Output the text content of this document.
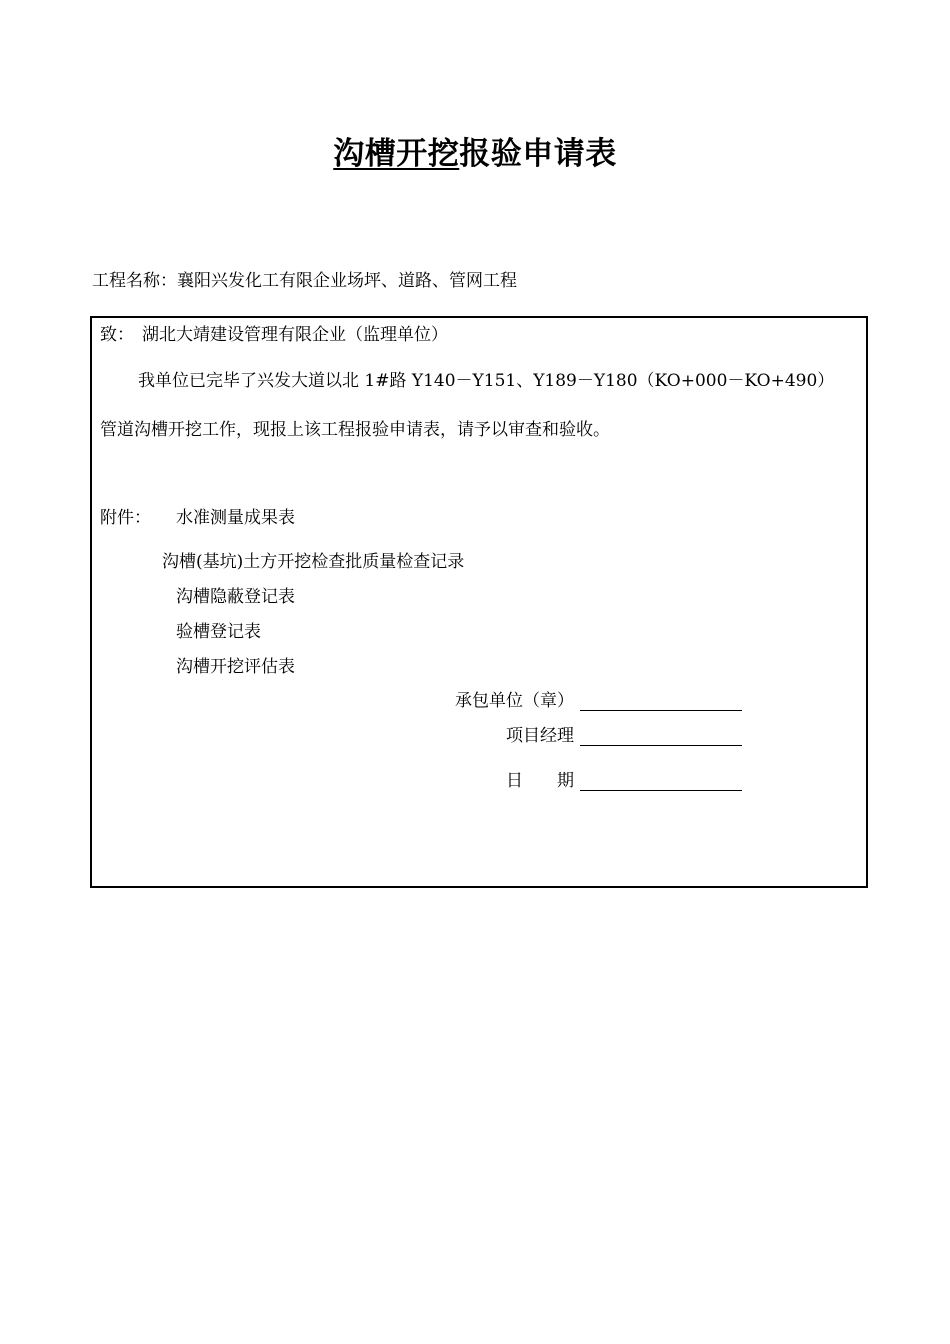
沟槽开挖报验申请表
工程名称：襄阳兴发化工有限企业场坪、道路、管网工程
致： 湖北大靖建设管理有限企业（监理单位）
我单位已完毕了兴发大道以北 1#路 Y140－Y151、Y189－Y180（KO+000－KO+490）
管道沟槽开挖工作，现报上该工程报验申请表，请予以审查和验收。
附件： 水准测量成果表
沟槽(基坑)土方开挖检查批质量检查记录
沟槽隐蔽登记表
验槽登记表
沟槽开挖评估表
承包单位（章）
项目经理
日　　期
